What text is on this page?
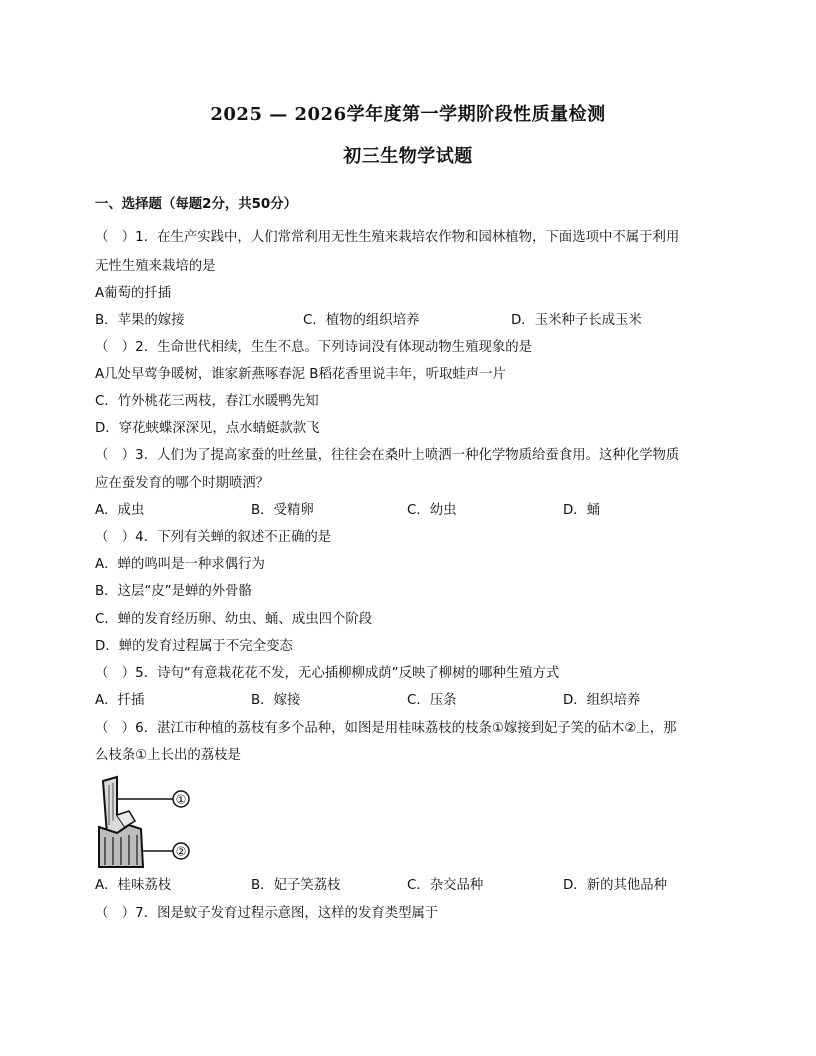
2025 — 2026学年度第一学期阶段性质量检测
初三生物学试题
一、选择题（每题2分，共50分）
（　）1．在生产实践中，人们常常利用无性生殖来栽培农作物和园林植物，下面选项中不属于利用
无性生殖来栽培的是
A葡萄的扦插
B．苹果的嫁接	C．植物的组织培养	D．玉米种子长成玉米
（　）2．生命世代相续，生生不息。下列诗词没有体现动物生殖现象的是
A几处早莺争暖树，谁家新燕啄春泥 B稻花香里说丰年，听取蛙声一片
C．竹外桃花三两枝，春江水暖鸭先知
D．穿花蛱蝶深深见，点水蜻蜓款款飞
（　）3．人们为了提高家蚕的吐丝量，往往会在桑叶上喷洒一种化学物质给蚕食用。这种化学物质
应在蚕发育的哪个时期喷洒？
A．成虫	B．受精卵	C．幼虫	D．蛹
（　）4．下列有关蝉的叙述不正确的是
A．蝉的鸣叫是一种求偶行为
B．这层“皮”是蝉的外骨骼
C．蝉的发育经历卵、幼虫、蛹、成虫四个阶段
D．蝉的发育过程属于不完全变态
（　）5．诗句“有意栽花花不发，无心插柳柳成荫”反映了柳树的哪种生殖方式
A．扦插	B．嫁接	C．压条	D．组织培养
（　）6．湛江市种植的荔枝有多个品种，如图是用桂味荔枝的枝条①嫁接到妃子笑的砧木②上，那
么枝条①上长出的荔枝是
①
②
A．桂味荔枝	B．妃子笑荔枝	C．杂交品种	D．新的其他品种
（　）7．图是蚊子发育过程示意图，这样的发育类型属于
